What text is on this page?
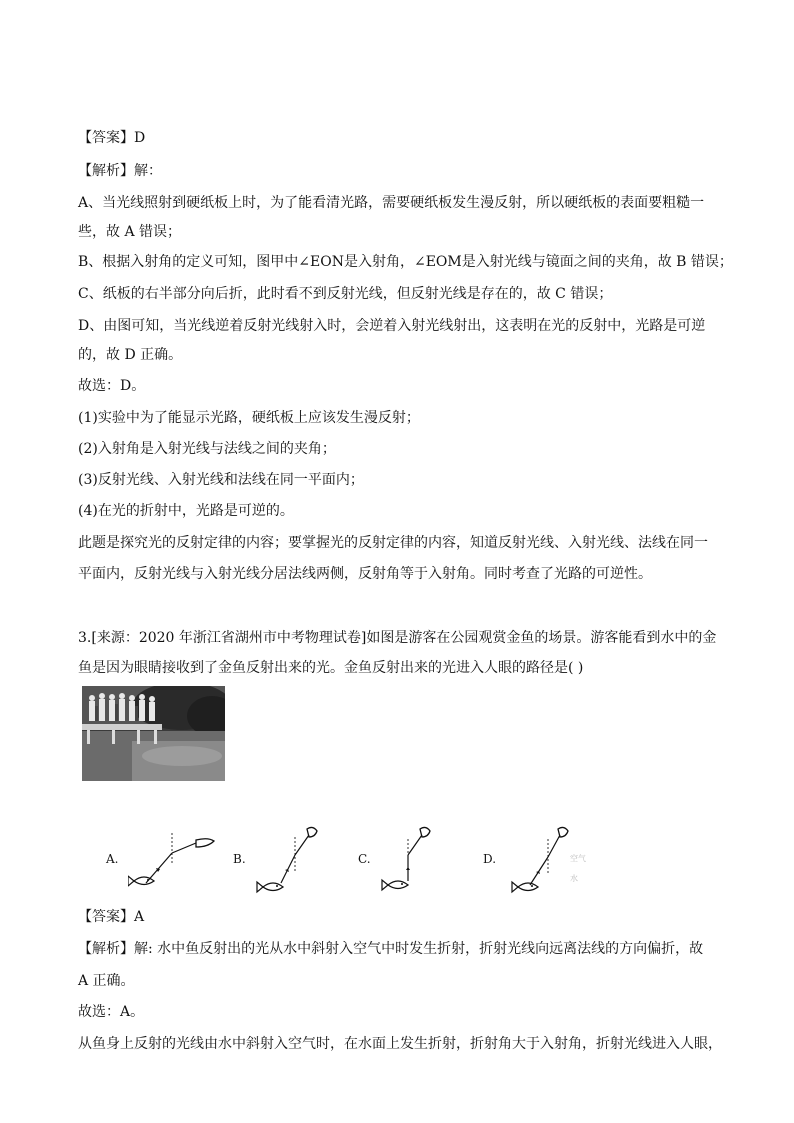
【答案】D
【解析】解：
A、当光线照射到硬纸板上时，为了能看清光路，需要硬纸板发生漫反射，所以硬纸板的表面要粗糙一
些，故 A 错误；
B、根据入射角的定义可知，图甲中∠EON是入射角，∠EOM是入射光线与镜面之间的夹角，故 B 错误；
C、纸板的右半部分向后折，此时看不到反射光线，但反射光线是存在的，故 C 错误；
D、由图可知，当光线逆着反射光线射入时，会逆着入射光线射出，这表明在光的反射中，光路是可逆
的，故 D 正确。
故选：D。
(1)实验中为了能显示光路，硬纸板上应该发生漫反射；
(2)入射角是入射光线与法线之间的夹角；
(3)反射光线、入射光线和法线在同一平面内；
(4)在光的折射中，光路是可逆的。
此题是探究光的反射定律的内容；要掌握光的反射定律的内容，知道反射光线、入射光线、法线在同一
平面内，反射光线与入射光线分居法线两侧，反射角等于入射角。同时考查了光路的可逆性。
3.[来源：2020 年浙江省湖州市中考物理试卷]如图是游客在公园观赏金鱼的场景。游客能看到水中的金
鱼是因为眼睛接收到了金鱼反射出来的光。金鱼反射出来的光进入人眼的路径是( )
A.	B.	C.	D.	空气
水
【答案】A
【解析】解: 水中鱼反射出的光从水中斜射入空气中时发生折射，折射光线向远离法线的方向偏折，故
A 正确。
故选：A。
从鱼身上反射的光线由水中斜射入空气时，在水面上发生折射，折射角大于入射角，折射光线进入人眼，
